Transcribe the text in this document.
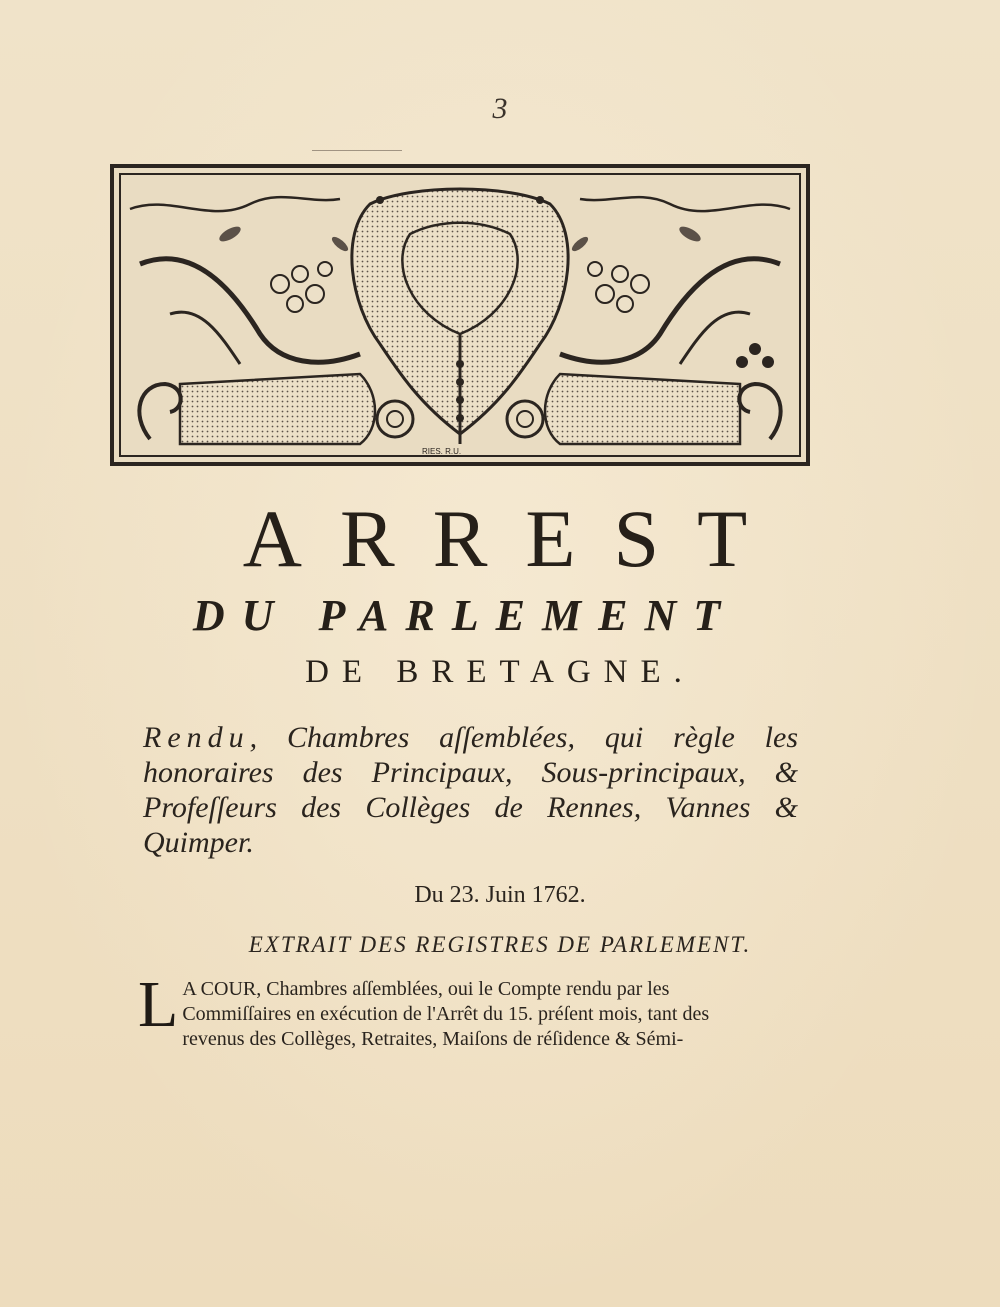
3
RIES. R.U.
ARREST
DU PARLEMENT
DE BRETAGNE.
Rendu, Chambres aſſemblées, qui règle les honoraires des Principaux, Sous-principaux, & Profeſſeurs des Collèges de Rennes, Vannes & Quimper.
Du 23. Juin 1762.
EXTRAIT DES REGISTRES DE PARLEMENT.
L A COUR, Chambres aſſemblées, oui le Compte rendu par les
Commiſſaires en exécution de l'Arrêt du 15. préſent mois, tant des
revenus des Collèges, Retraites, Maiſons de réſidence & Sémi-
